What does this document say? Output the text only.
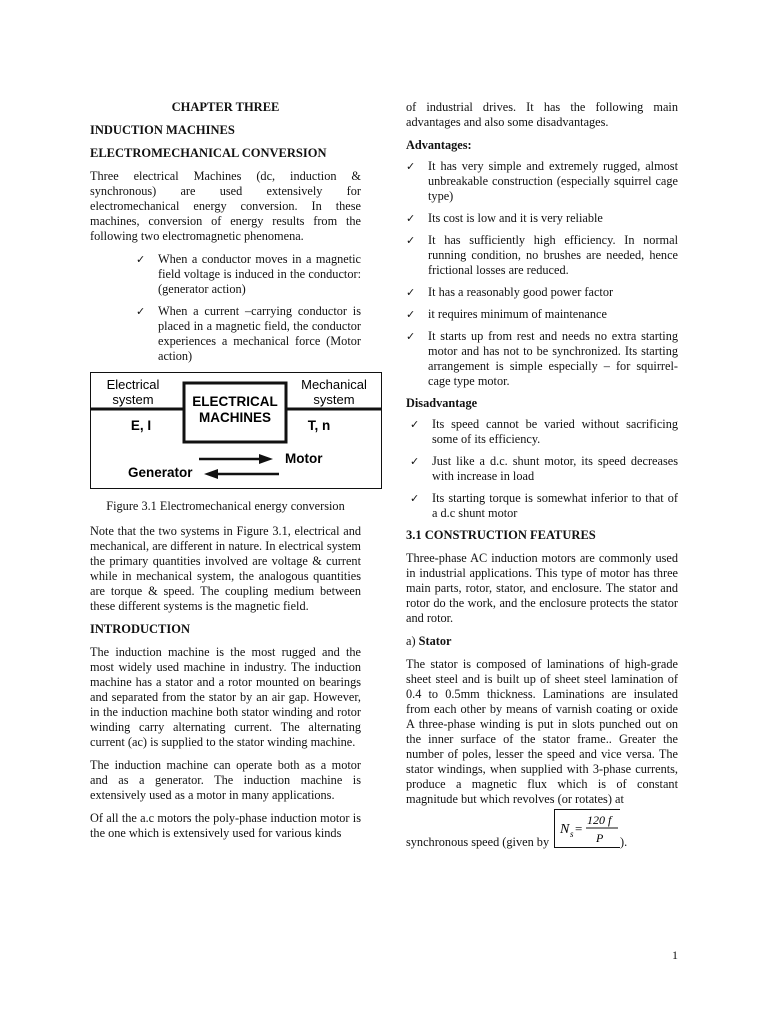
CHAPTER THREE
INDUCTION MACHINES
ELECTROMECHANICAL CONVERSION

Three electrical Machines (dc, induction & synchronous) are used extensively for electromechanical energy conversion. In these machines, conversion of energy results from the following two electromagnetic phenomena.

✓ When a conductor moves in a magnetic field voltage is induced in the conductor: (generator action)
✓ When a current –carrying conductor is placed in a magnetic field, the conductor experiences a mechanical force (Motor action)
Electrical
system
Mechanical
system
ELECTRICAL
MACHINES
E, I	T, n
Motor
Generator
Figure 3.1 Electromechanical energy conversion

Note that the two systems in Figure 3.1, electrical and mechanical, are different in nature. In electrical system the primary quantities involved are voltage & current while in mechanical system, the analogous quantities are torque & speed. The coupling medium between these different systems is the magnetic field.

INTRODUCTION

The induction machine is the most rugged and the most widely used machine in industry. The induction machine has a stator and a rotor mounted on bearings and separated from the stator by an air gap. However, in the induction machine both stator winding and rotor winding carry alternating current. The alternating current (ac) is supplied to the stator winding machine.

The induction machine can operate both as a motor and as a generator. The induction machine is extensively used as a motor in many applications.

Of all the a.c motors the poly-phase induction motor is the one which is extensively used for various kinds

of industrial drives. It has the following main advantages and also some disadvantages.

Advantages:
✓ It has very simple and extremely rugged, almost unbreakable construction (especially squirrel cage type)
✓ Its cost is low and it is very reliable
✓ It has sufficiently high efficiency. In normal running condition, no brushes are needed, hence frictional losses are reduced.
✓ It has a reasonably good power factor
✓ it requires minimum of maintenance
✓ It starts up from rest and needs no extra starting motor and has not to be synchronized. Its starting arrangement is simple especially – for squirrel-cage type motor.
Disadvantage
✓ Its speed cannot be varied without sacrificing some of its efficiency.
✓ Just like a d.c. shunt motor, its speed decreases with increase in load
✓ Its starting torque is somewhat inferior to that of a d.c shunt motor
3.1 CONSTRUCTION FEATURES

Three-phase AC induction motors are commonly used in industrial applications. This type of motor has three main parts, rotor, stator, and enclosure. The stator and rotor do the work, and the enclosure protects the stator and rotor.

a) Stator

The stator is composed of laminations of high-grade sheet steel and is built up of sheet steel lamination of 0.4 to 0.5mm thickness. Laminations are insulated from each other by means of varnish coating or oxide A three-phase winding is put in slots punched out on the inner surface of the stator frame.. Greater the number of poles, lesser the speed and vice versa. The stator windings, when supplied with 3-phase currents, produce a magnetic flux which is of constant magnitude but which revolves (or rotates) at

synchronous speed (given by
N s =
120 f
P ).
1
